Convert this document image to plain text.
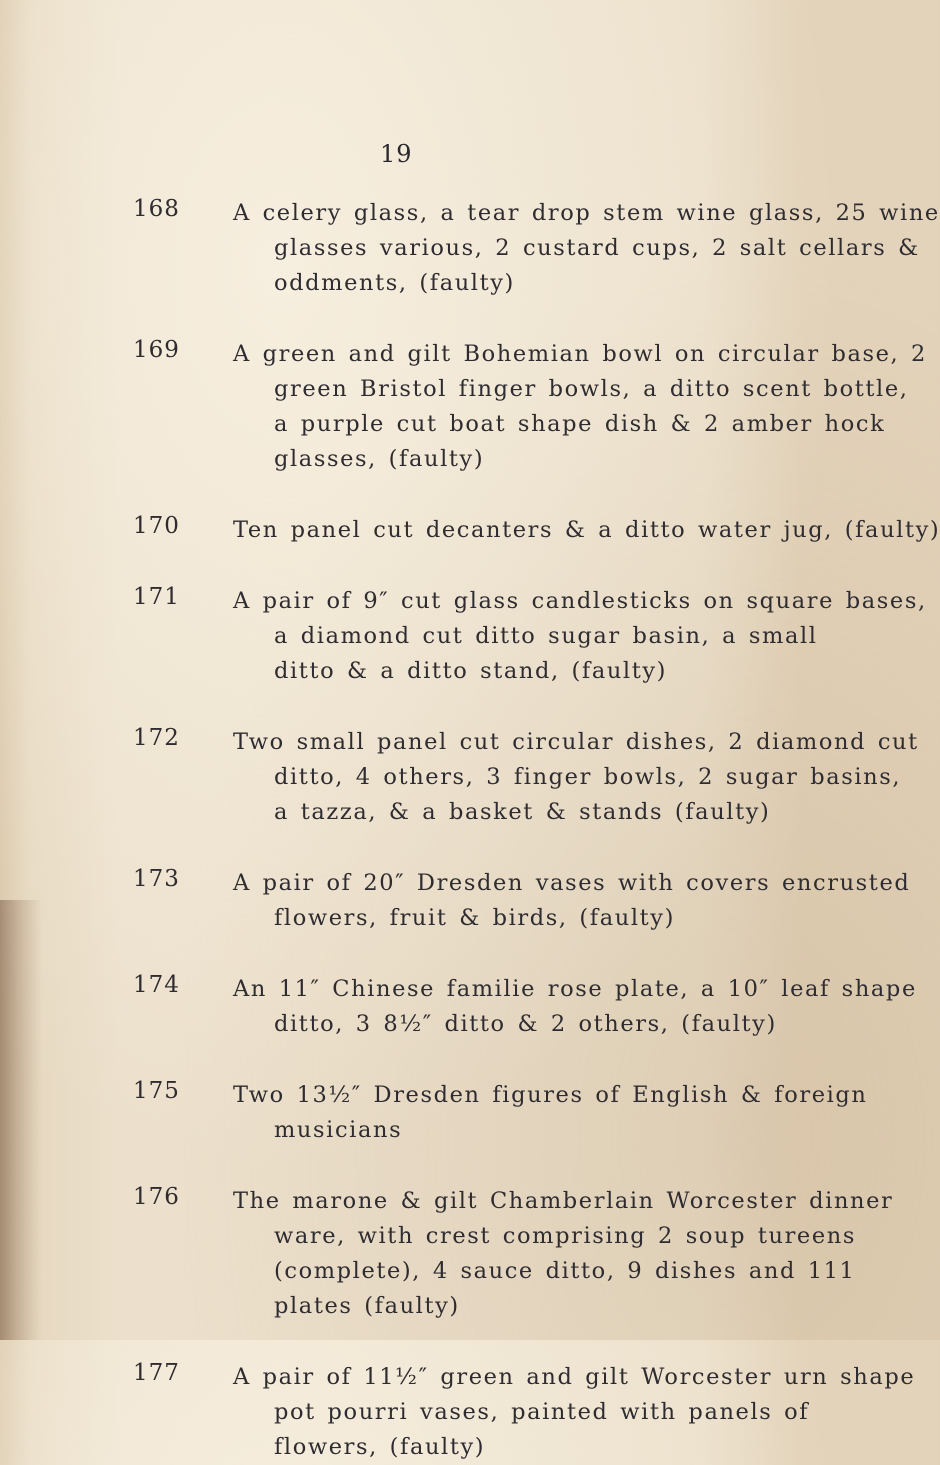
19
168 A celery glass, a tear drop stem wine glass, 25 wine
glasses various, 2 custard cups, 2 salt cellars &
oddments, (faulty)
169 A green and gilt Bohemian bowl on circular base, 2
green Bristol finger bowls, a ditto scent bottle,
a purple cut boat shape dish & 2 amber hock
glasses, (faulty)
170 Ten panel cut decanters & a ditto water jug, (faulty)
171 A pair of 9″ cut glass candlesticks on square bases,
a diamond cut ditto sugar basin, a small
ditto & a ditto stand, (faulty)
172 Two small panel cut circular dishes, 2 diamond cut
ditto, 4 others, 3 finger bowls, 2 sugar basins,
a tazza, & a basket & stands (faulty)
173 A pair of 20″ Dresden vases with covers encrusted
flowers, fruit & birds, (faulty)
174 An 11″ Chinese familie rose plate, a 10″ leaf shape
ditto, 3 8½″ ditto & 2 others, (faulty)
175 Two 13½″ Dresden figures of English & foreign
musicians
176 The marone & gilt Chamberlain Worcester dinner
ware, with crest comprising 2 soup tureens
(complete), 4 sauce ditto, 9 dishes and 111
plates (faulty)
177 A pair of 11½″ green and gilt Worcester urn shape
pot pourri vases, painted with panels of
flowers, (faulty)
